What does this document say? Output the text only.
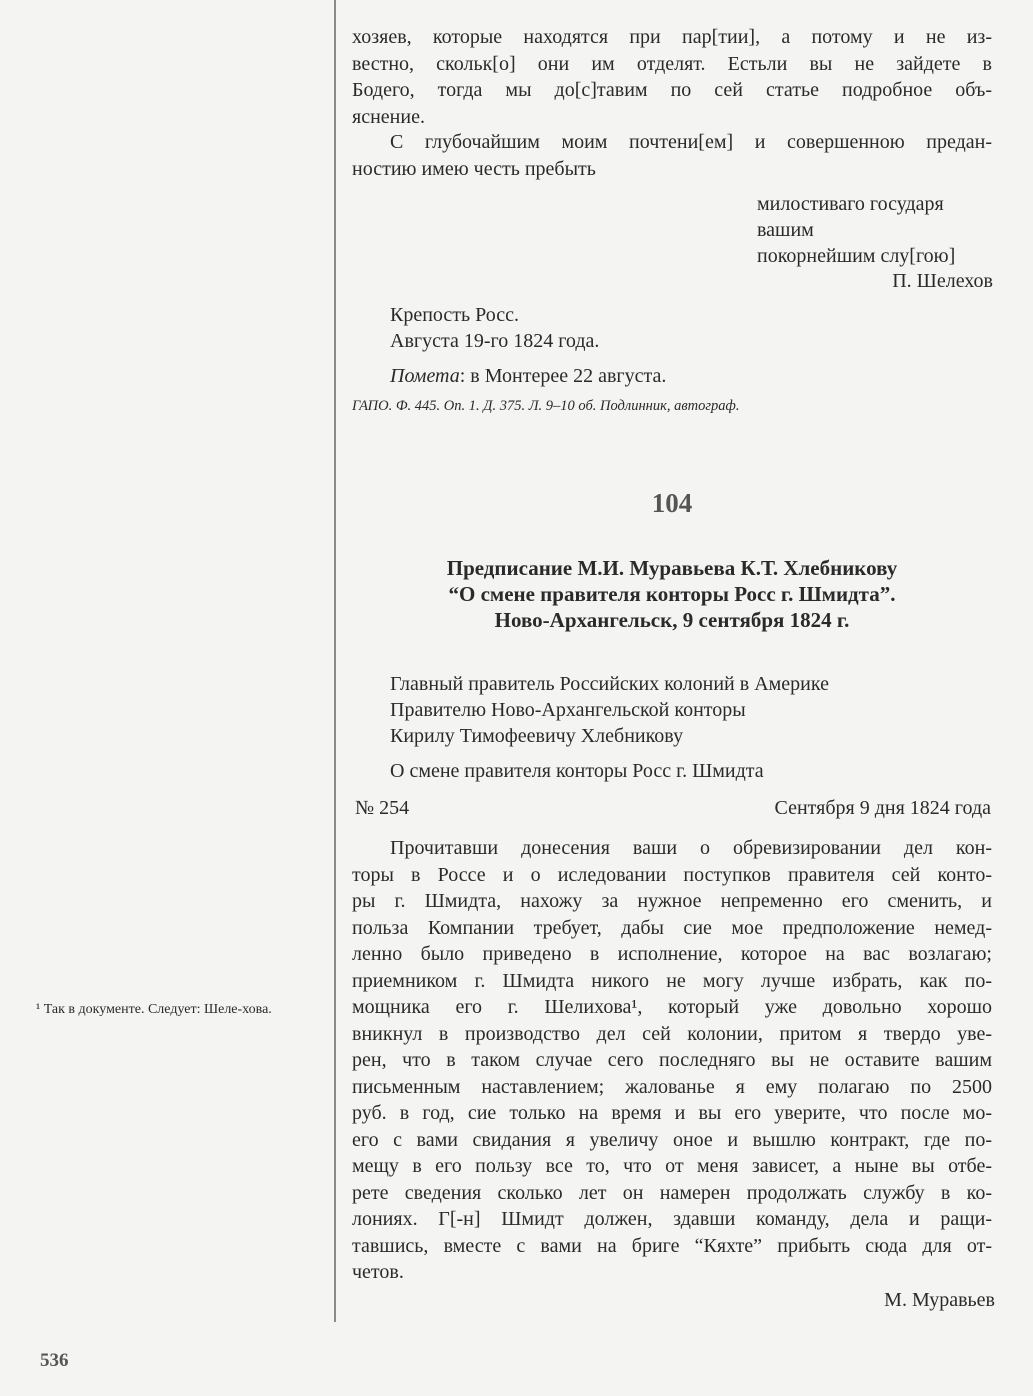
хозяев, которые находятся при пар[тии], а потому и не из-
вестно, скольк[о] они им отделят. Естьли вы не зайдете в
Бодего, тогда мы до[с]тавим по сей статье подробное объ-
яснение.
С глубочайшим моим почтени[ем] и совершенною предан-
ностию имею честь пребыть
милостиваго государя
вашим
покорнейшим слу[гою]
П. Шелехов
Крепость Росс.
Августа 19-го 1824 года.
Помета: в Монтерее 22 августа.
ГАПО. Ф. 445. Оп. 1. Д. 375. Л. 9–10 об. Подлинник, автограф.
104
Предписание М.И. Муравьева К.Т. Хлебникову
“О смене правителя конторы Росс г. Шмидта”.
Ново-Архангельск, 9 сентября 1824 г.
Главный правитель Российских колоний в Америке
Правителю Ново-Архангельской конторы
Кирилу Тимофеевичу Хлебникову
О смене правителя конторы Росс г. Шмидта
№ 254	Сентября 9 дня 1824 года
Прочитавши донесения ваши о обревизировании дел кон-
торы в Россе и о иследовании поступков правителя сей конто-
ры г. Шмидта, нахожу за нужное непременно его сменить, и
польза Компании требует, дабы сие мое предположение немед-
ленно было приведено в исполнение, которое на вас возлагаю;
приемником г. Шмидта никого не могу лучше избрать, как по-
мощника его г. Шелихова¹, который уже довольно хорошо
вникнул в производство дел сей колонии, притом я твердо уве-
рен, что в таком случае сего последняго вы не оставите вашим
письменным наставлением; жалованье я ему полагаю по 2500
руб. в год, сие только на время и вы его уверите, что после мо-
его с вами свидания я увеличу оное и вышлю контракт, где по-
мещу в его пользу все то, что от меня зависет, а ныне вы отбе-
рете сведения сколько лет он намерен продолжать службу в ко-
лониях. Г[-н] Шмидт должен, здавши команду, дела и ращи-
тавшись, вместе с вами на бриге “Кяхте” прибыть сюда для от-
четов.
М. Муравьев
¹ Так в документе. Следует: Шеле-хова.
536
